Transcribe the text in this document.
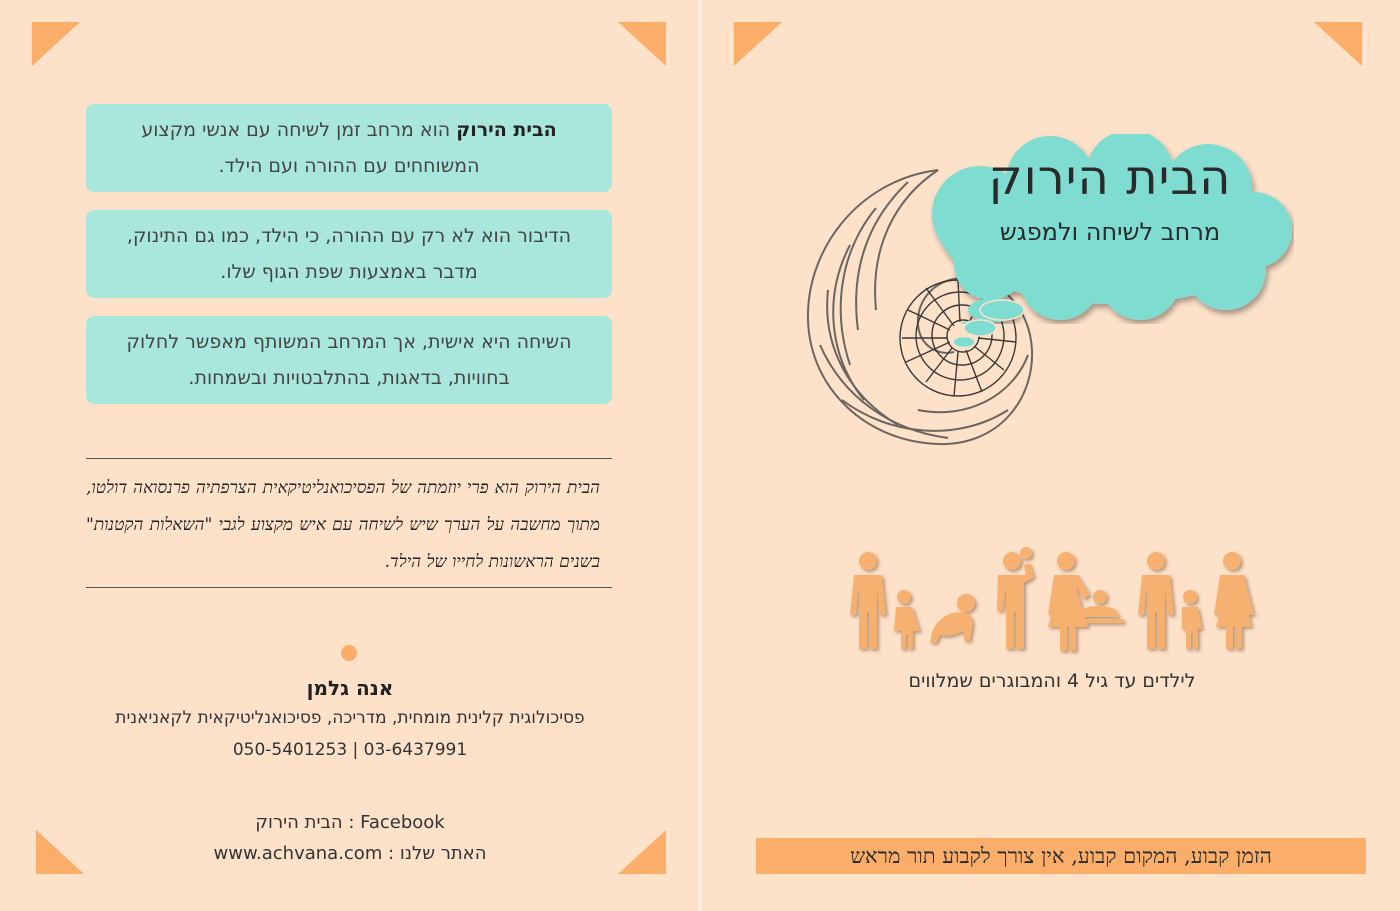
הבית הירוק הוא מרחב זמן לשיחה עם אנשי מקצוע המשוחחים עם ההורה ועם הילד.
הדיבור הוא לא רק עם ההורה, כי הילד, כמו גם התינוק, מדבר באמצעות שפת הגוף שלו.
השיחה היא אישית, אך המרחב המשותף מאפשר לחלוק בחוויות, בדאגות, בהתלבטויות ובשמחות.
הבית הירוק הוא פרי יוזמתה של הפסיכואנליטיקאית הצרפתיה פרנסואה דולטו, מתוך מחשבה על הערך שיש לשיחה עם איש מקצוע לגבי "השאלות הקטנות" בשנים הראשונות לחייו של הילד.
אנה גלמן
פסיכולוגית קלינית מומחית, מדריכה, פסיכואנליטיקאית לקאניאנית
050-5401253 | 03-6437991
הבית הירוק : Facebook
www.achvana.com : האתר שלנו
הבית הירוק
מרחב לשיחה ולמפגש
לילדים עד גיל 4 והמבוגרים שמלווים
הזמן קבוע, המקום קבוע, אין צורך לקבוע תור מראש
